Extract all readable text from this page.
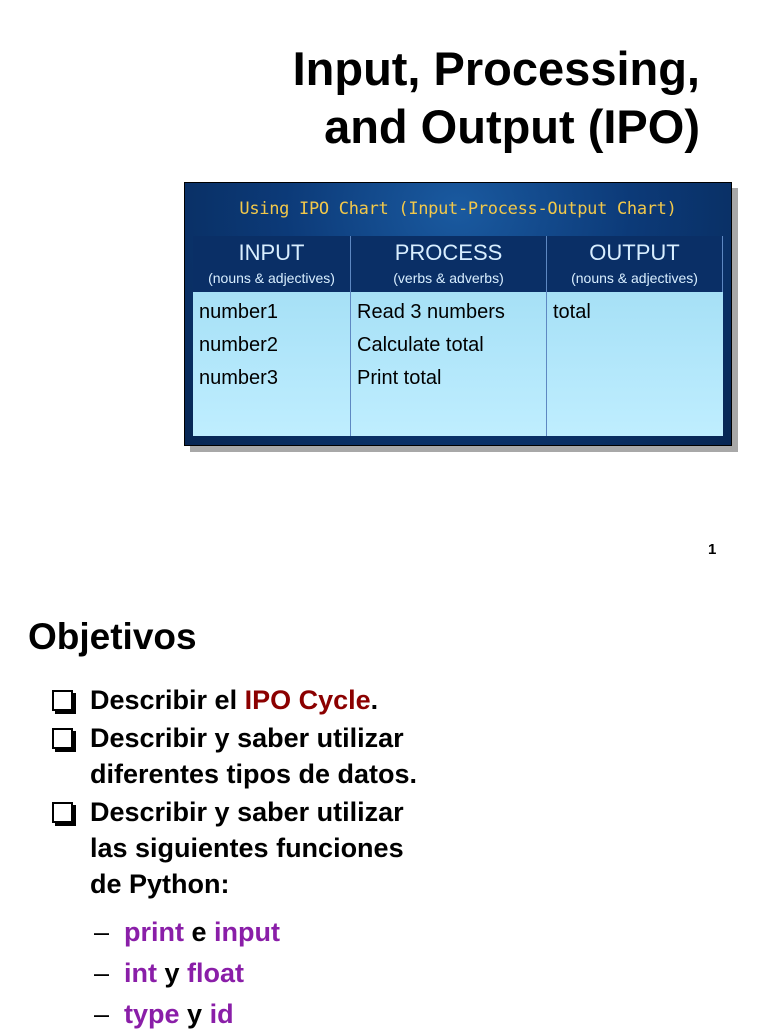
Input, Processing,
and Output (IPO)

Using IPO Chart (Input-Process-Output Chart)

INPUT
(nouns & adjectives)
PROCESS
(verbs & adverbs)
OUTPUT
(nouns & adjectives)
number1
number2
number3
Read 3 numbers
Calculate total
Print total
total

1

Objetivos
Describir el IPO Cycle.
Describir y saber utilizar
diferentes tipos de datos.
Describir y saber utilizar
las siguientes funciones
de Python:
– print e input
– int y float
– type y id
